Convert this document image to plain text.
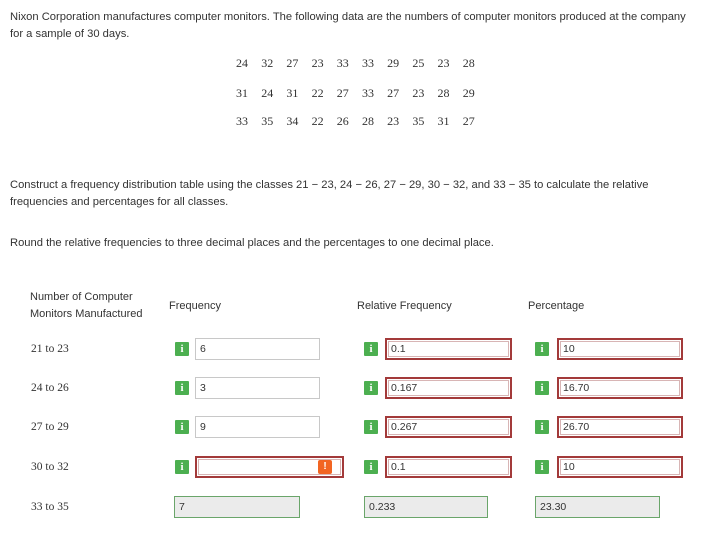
Nixon Corporation manufactures computer monitors. The following data are the numbers of computer monitors produced at the company for a sample of 30 days.
24 32 27 23 33 33 29 25 23 28
31 24 31 22 27 33 27 23 28 29
33 35 34 22 26 28 23 35 31 27
Construct a frequency distribution table using the classes 21 − 23, 24 − 26, 27 − 29, 30 − 32, and 33 − 35 to calculate the relative frequencies and percentages for all classes.
Round the relative frequencies to three decimal places and the percentages to one decimal place.
Number of Computer Monitors Manufactured
Frequency	Relative Frequency	Percentage
21 to 23	i	6	i	0.1	i	10
24 to 26	i	3	i	0.167	i	16.70
27 to 29	i	9	i	0.267	i	26.70
30 to 32	i	!	i	0.1	i	10
33 to 35	7	0.233	23.30
